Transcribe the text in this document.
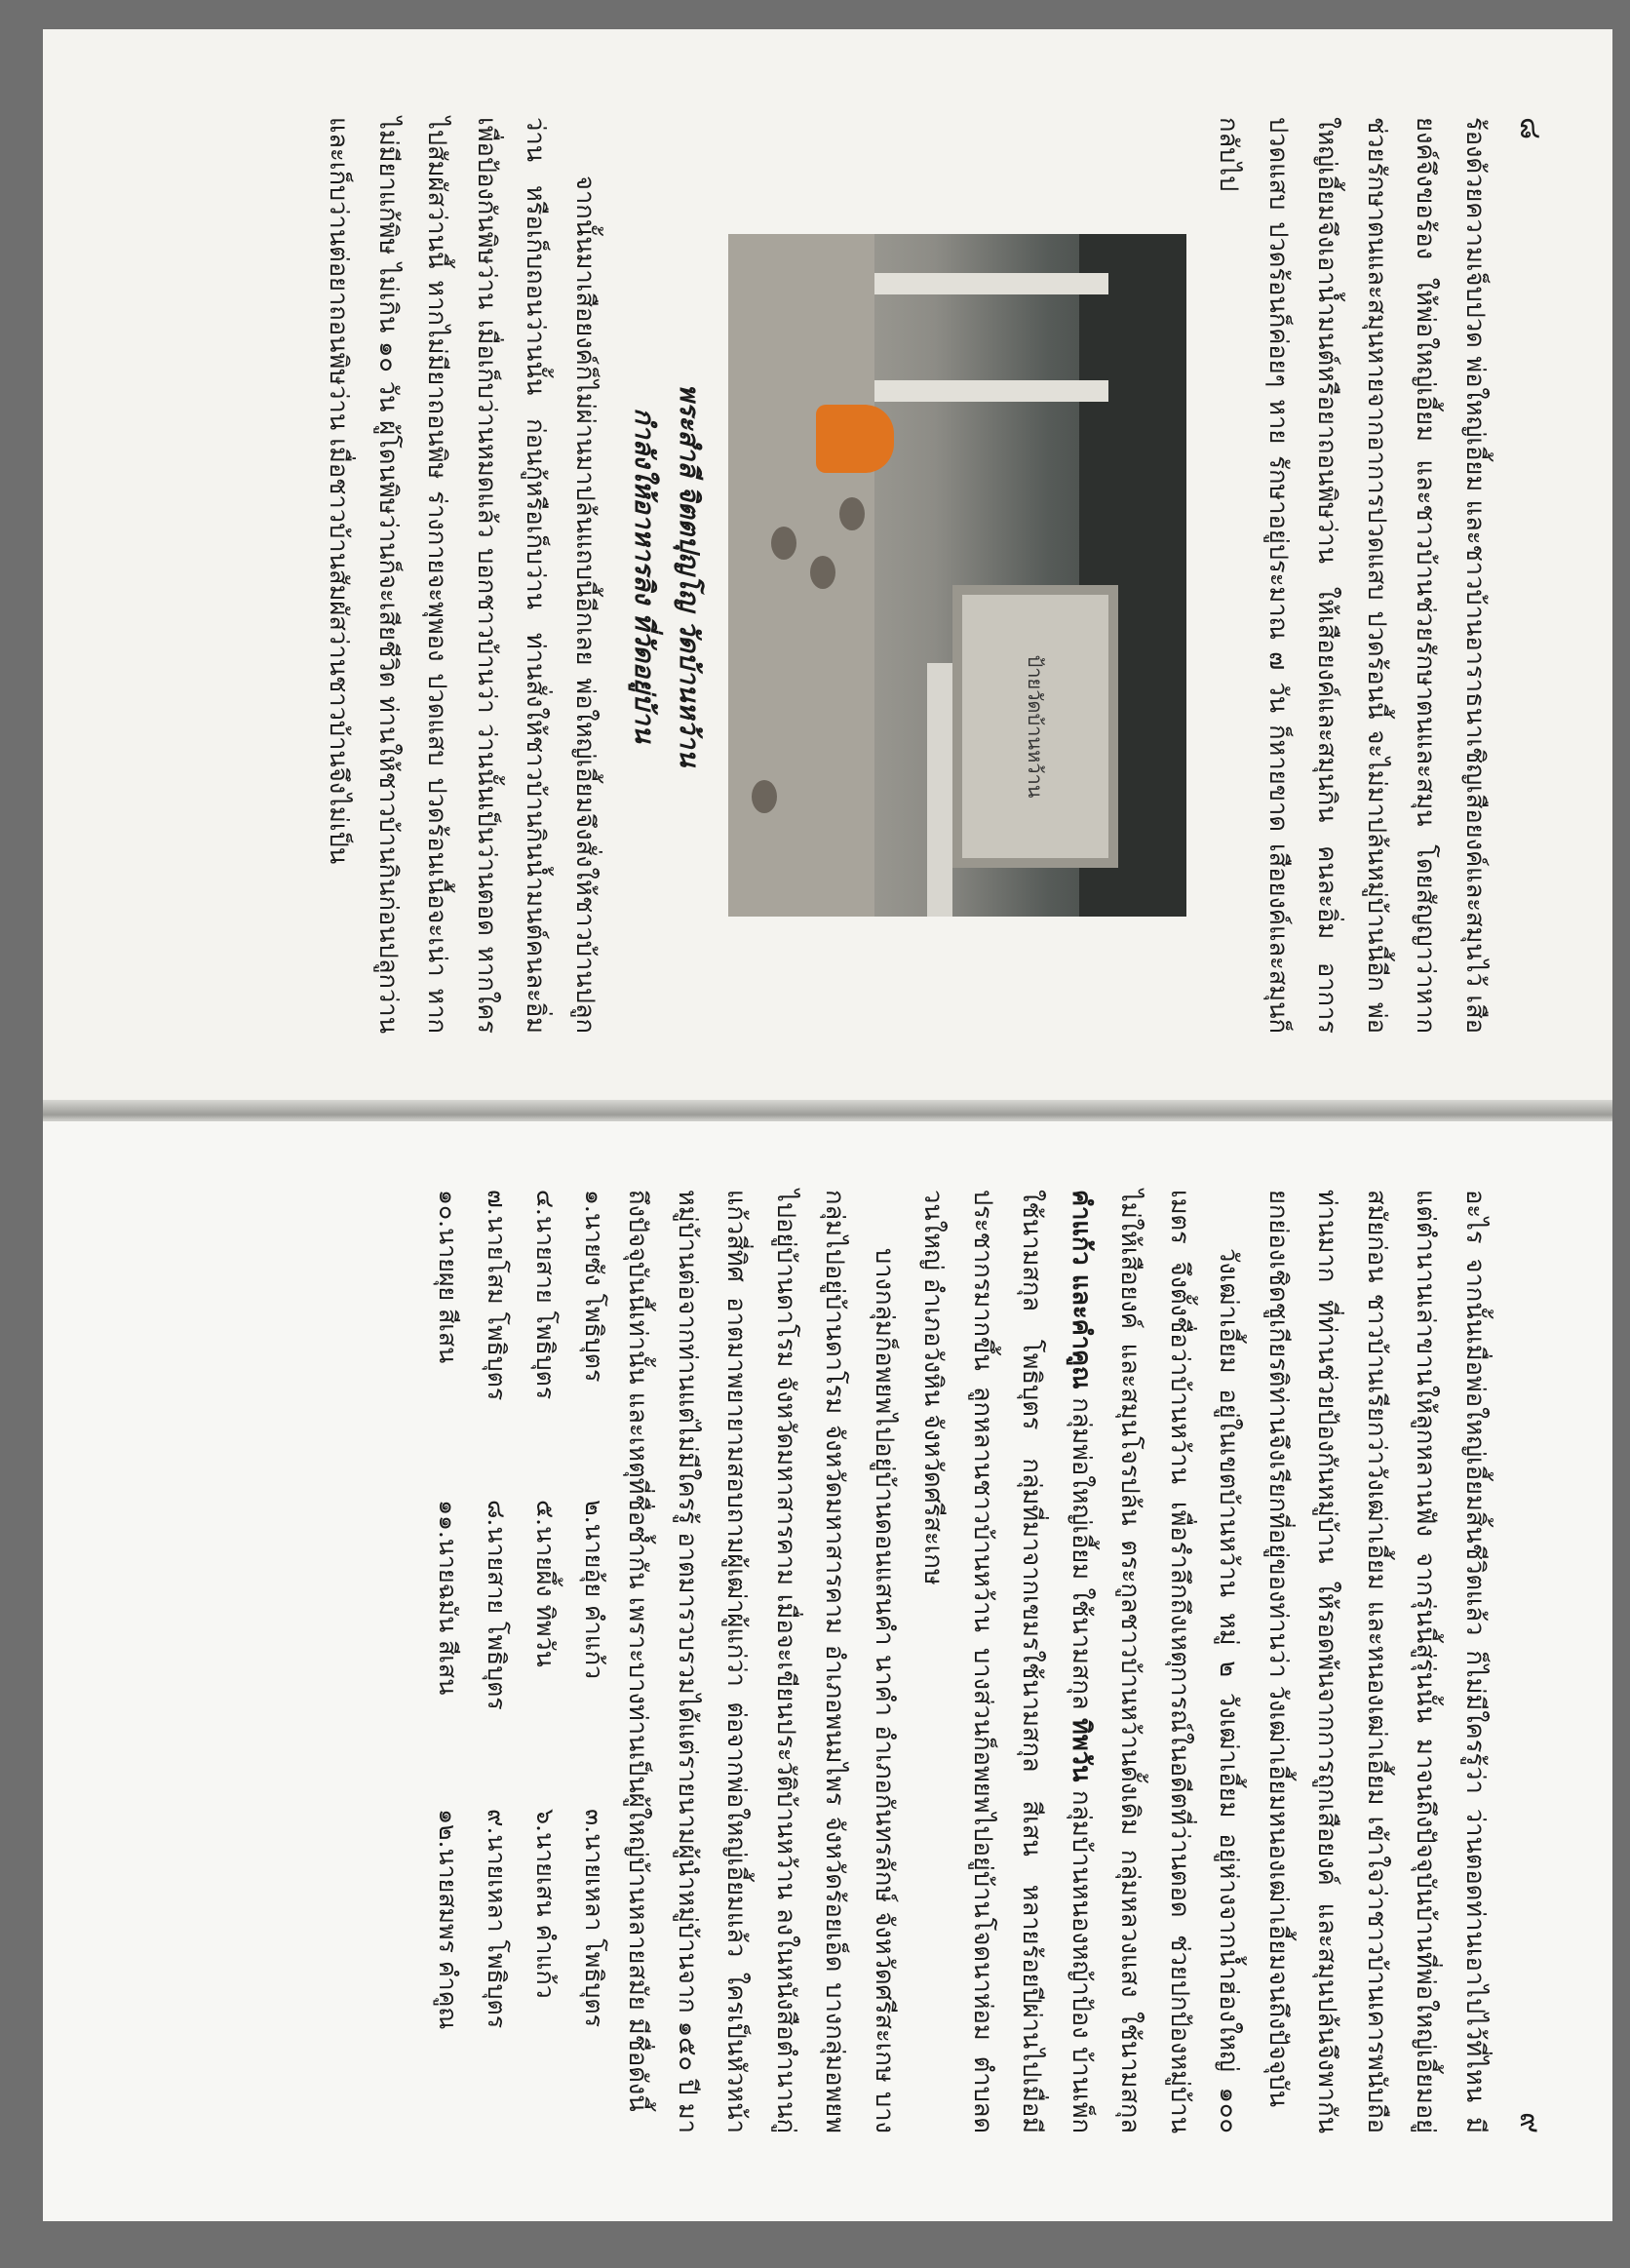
๘

ร้องด้วยความเจ็บปวด พ่อใหญ่เอี้ยม และชาวบ้านอาราธนาเชิญเสือยงค์และสมุนไว้ เสือยงค์จึงขอร้อง ให้พ่อใหญ่เอี้ยม และชาวบ้านช่วยรักษาตนและสมุน โดยสัญญาว่าหากช่วยรักษาตนและสมุนหายจากอาการปวดแสบ ปวดร้อนนี้ จะไม่มาปล้นหมู่บ้านนี้อีก พ่อใหญ่เอี้ยมจึงเอาน้ำมนต์หรือยาถอนพิษว่าน ให้เสือยงค์และสมุนกิน คนละอิ่ม อาการปวดแสบ ปวดร้อนก็ค่อยๆ หาย รักษาอยู่ประมาณ ๗ วัน ก็หายขาด เสือยงค์และสมุนก็กลับไป

ป้ายวัดบ้านหว้าน
พระสำลี จิตตปุญโญ วัดบ้านหว้าน
กำลังให้อาหารลิง ที่วัดอยู่บ้าน

จากนั้นมาเสือยงค์ก็ไม่ผ่านมาปล้นแถบนี้อีกเลย พ่อใหญ่เอี้ยมจึงสั่งให้ชาวบ้านปลูกว่าน หรือเก็บถอนว่านนั้น ก่อนกู้หรือเก็บว่าน ท่านสั่งให้ชาวบ้านกินน้ำมนต์คนละอิ่ม เพื่อป้องกันพิษว่าน เมื่อเก็บว่านหมดแล้ว บอกชาวบ้านว่า ว่านนั้นเป็นว่านตอด หากใครไปสัมผัสว่านนี้ หากไม่มียาถอนพิษ ร่างกายจะพุพอง ปวดแสบ ปวดร้อนเนื้อจะเน่า หากไม่มียาแก้พิษ ไม่เกิน ๑๐ วัน ผู้โดนพิษว่านก็จะเสียชีวิต ท่านให้ชาวบ้านกินก่อนปลูกว่าน และเก็บว่านต่อยาถอนพิษว่าน เมื่อชาวบ้านสัมผัสว่านชาวบ้านจึงไม่เป็น

๙

อะไร จากนั้นเมื่อพ่อใหญ่เอี้ยมสิ้นชีวิตแล้ว ก็ไม่มีใครรู้ว่า ว่านตอดท่านเอาไปไว้ที่ไหน มีแต่ตำนานเล่าขานให้ลูกหลานฟัง จากรุ่นนี้สู่รุ่นนั้น มาจนถึงปัจจุบันบ้านที่พ่อใหญ่เอี้ยมอยู่สมัยก่อน ชาวบ้านเรียกว่าวังเฒ่าเอี้ยม และหนองเฒ่าเอี้ยม เข้าใจว่าชาวบ้านเคารพนับถือท่านมาก ที่ท่านช่วยป้องกันหมู่บ้าน ให้รอดพ้นจากการถูกเสือยงค์ และสมุนปล้นจึงพากันยกย่องเชิดชูเกียรติท่านจึงเรียกที่อยู่ของท่านว่า วังเฒ่าเอี้ยมหนองเฒ่าเอี้ยมจนถึงปัจจุบัน

วังเฒ่าเอี้ยม อยู่ในเขตบ้านหว้าน หมู่ ๒ วังเฒ่าเอี้ยม อยู่ห่างจากน้ำฮ่องใหญ่ ๑๐๐ เมตร จึงตั้งชื่อว่าบ้านหว้าน เพื่อรำลึกถึงเหตุการณ์ในอดีตที่ว่านตอด ช่วยปกป้องหมู่บ้านไม่ให้เสือยงค์ และสมุนโจรปล้น ตระกูลชาวบ้านหว้านดั้งเดิม กลุ่มหลวงแสง ใช้นามสกุล คำแก้ว และคำคูณ กลุ่มพ่อใหญ่เอี้ยม ใช้นามสกุล ทิพวัน กลุ่มบ้านหนองหญ้าป้อง บ้านเพ็กใช้นามสกุล โพธิบุตร กลุ่มที่มาจากเขมรใช้นามสกุล สีเสน หลายร้อยปีผ่านไปเมื่อมีประชากรมากขึ้น ลูกหลานชาวบ้านหว้าน บางส่วนก็อพยพไปอยู่บ้านโจดนาห่อม ตำบลดวนใหญ่ อำเภอวังหิน จังหวัดศรีสะเกษ

บางกลุ่มก็อพยพไปอยู่บ้านดอนแสนคำ นาคำ อำเภอกันทรลักษ์ จังหวัดศรีสะเกษ บางกลุ่มไปอยู่บ้านดาโรม จังหวัดมหาสารคาม อำเภอพนมไพร จังหวัดร้อยเอ็ด บางกลุ่มอพยพไปอยู่บ้านดาโรม จังหวัดมหาสารคาม เมื่อจะเขียนประวัติบ้านหว้าน ลงในหนังสือตำนานกู่แก้วสี่ทิศ อาตมาพยายามสอบถามผู้เฒ่าผู้แก่ว่า ต่อจากพ่อใหญ่เอี้ยมแล้ว ใครเป็นหัวหน้าหมู่บ้านต่อจากท่านแต่ไม่มีใครรู้ อาตมารวบรวมได้แต่รายนามผู้นำหมู่บ้านจาก ๑๕๐ ปี มาถึงปัจจุบันนี้เท่านั้น และเหตุที่ชื่อซ้ำกัน เพราะบางท่านเป็นผู้ใหญ่บ้านหลายสมัย มีชื่อดังนี้

๑.นายซัง โพธิบุตร	๒.นายอุ้ย คำแก้ว	๓.นายเหลา โพธิบุตร
๔.นายสาย โพธิบุตร	๕.นายผึ้ง ทิพวัน	๖.นายเสน คำแก้ว
๗.นายโสม โพธิบุตร	๘.นายสาย โพธิบุตร	๙.นายเหลา โพธิบุตร
๑๐.นายผุย สีเสน	๑๑.นายฉมัน สีเสน	๑๒.นายสมพร คำคูณ
